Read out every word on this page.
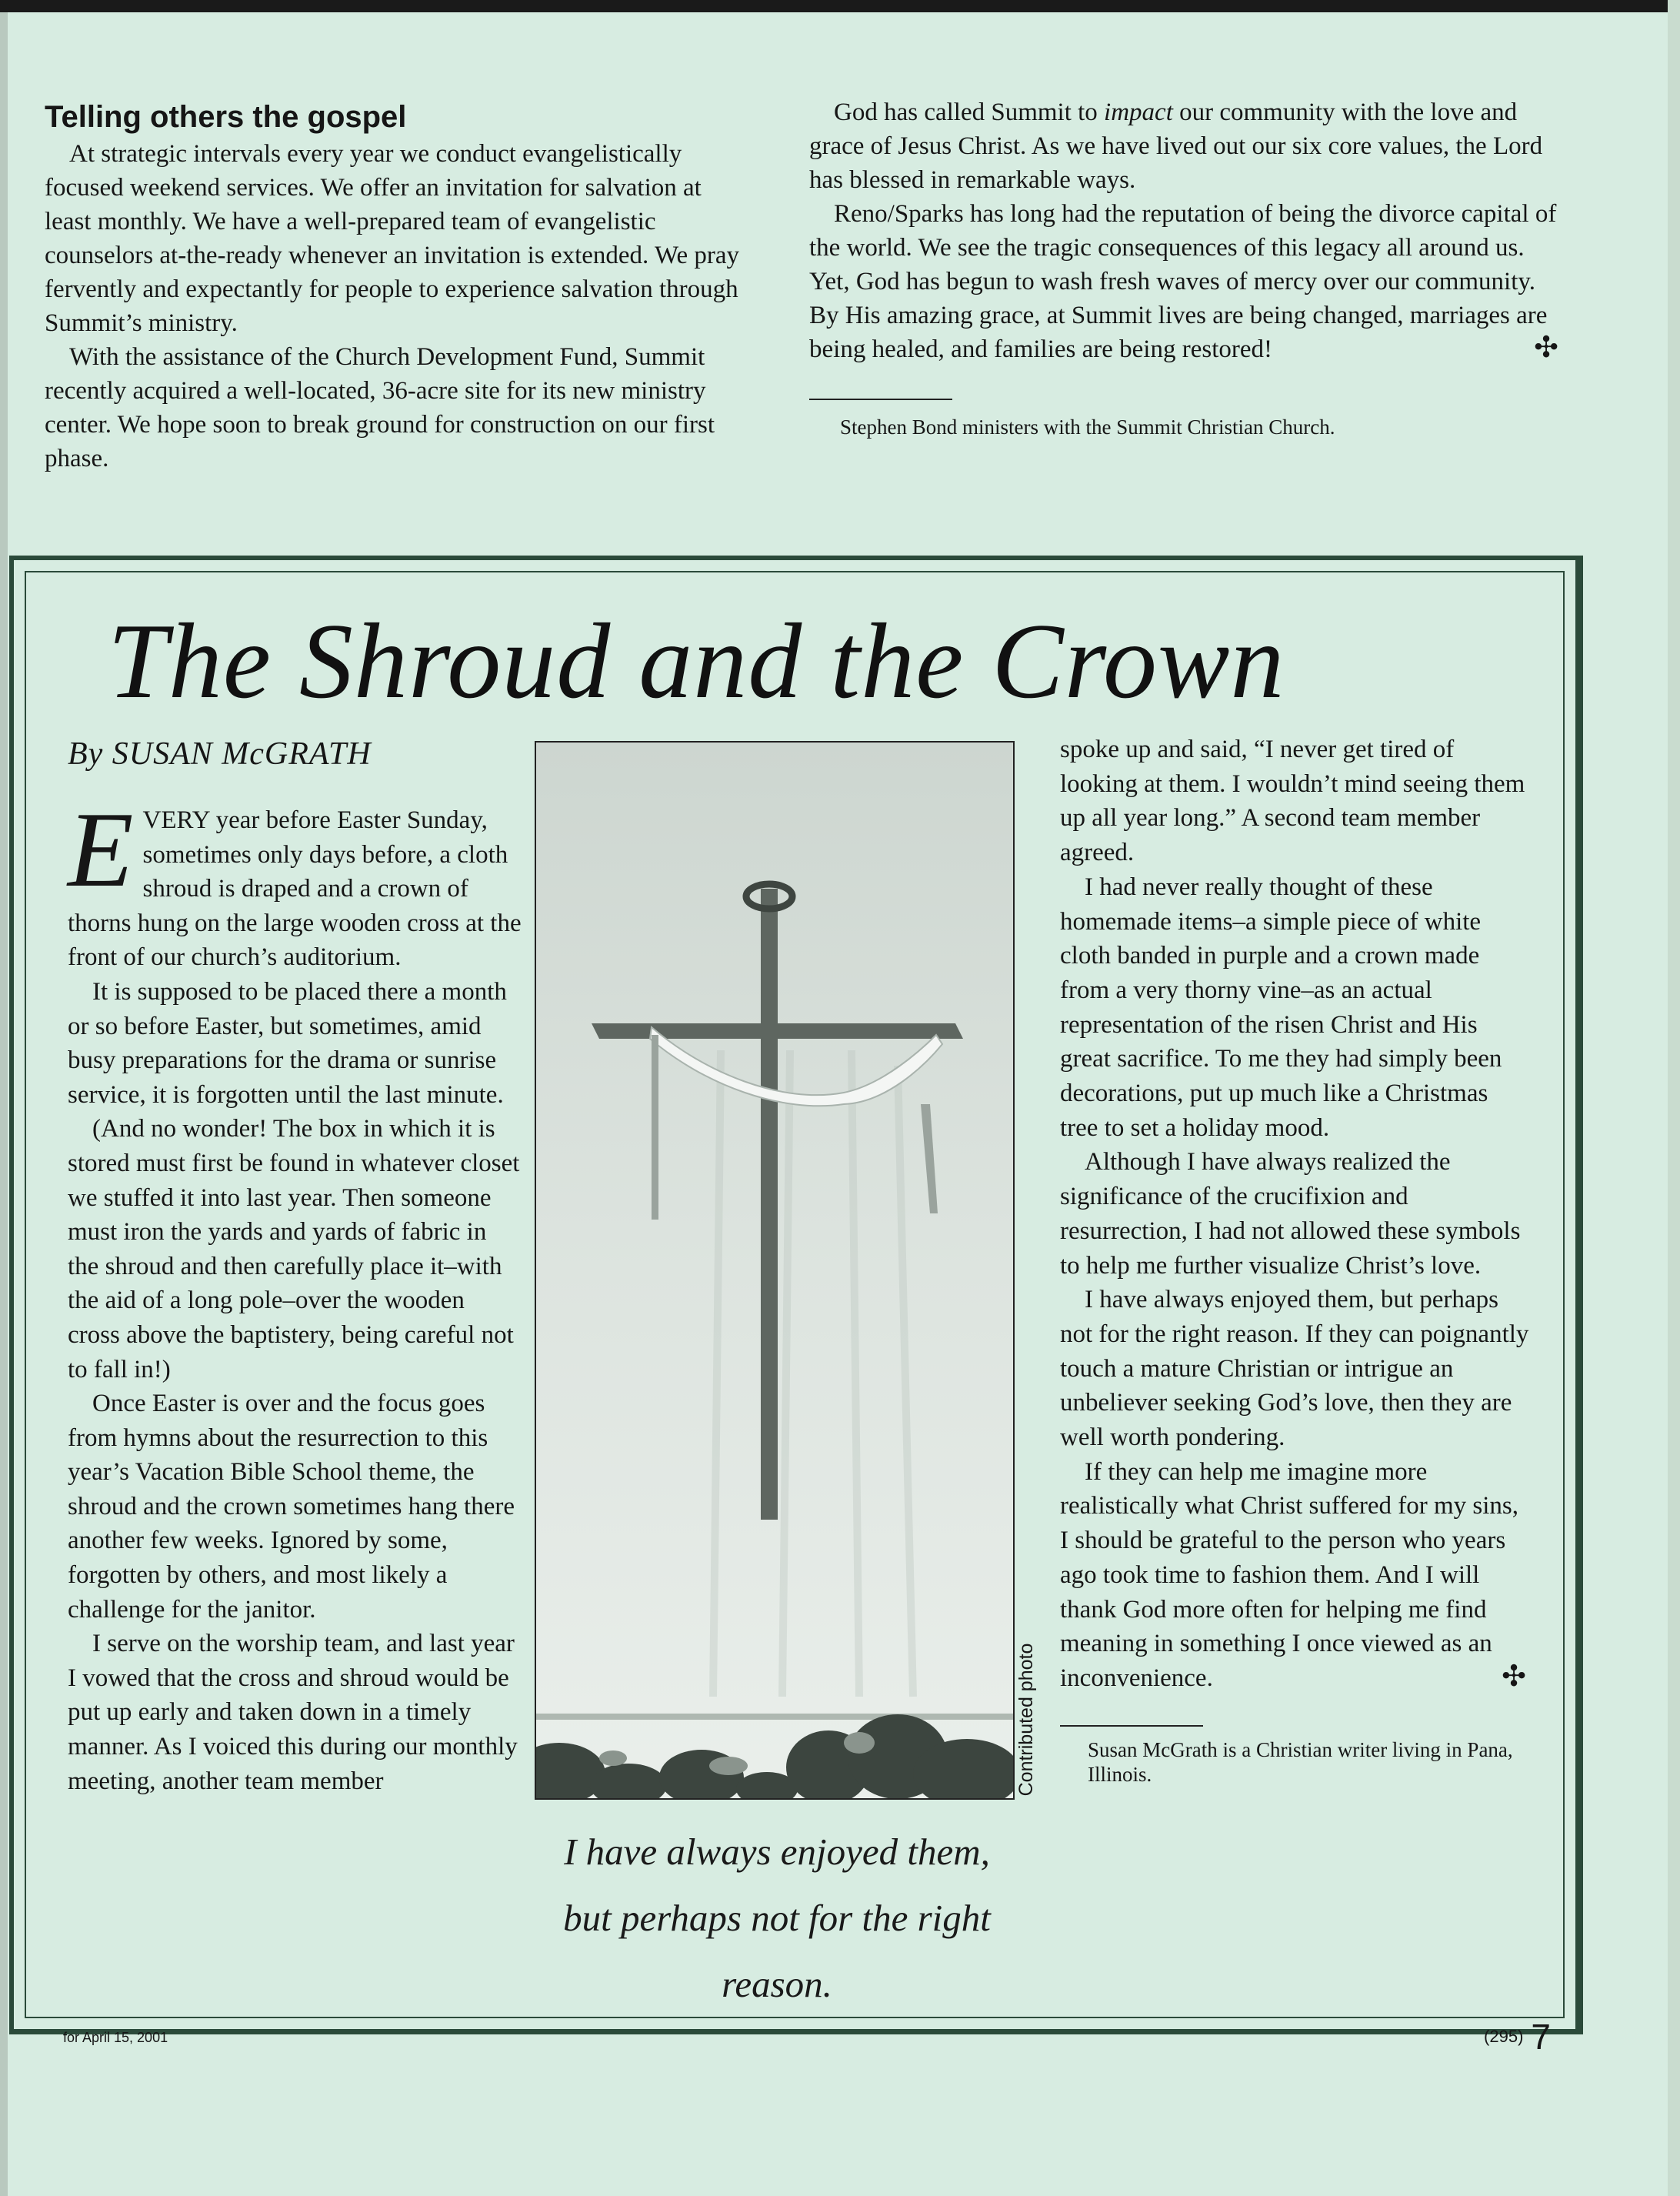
Telling others the gospel

At strategic intervals every year we conduct evangelistically focused weekend services. We offer an invitation for salvation at least monthly. We have a well-prepared team of evangelistic counselors at-the-ready whenever an invitation is extended. We pray fervently and expectantly for people to experience salvation through Summit’s ministry.

With the assistance of the Church Development Fund, Summit recently acquired a well-located, 36-acre site for its new ministry center. We hope soon to break ground for construction on our first phase.

God has called Summit to impact our community with the love and grace of Jesus Christ. As we have lived out our six core values, the Lord has blessed in remarkable ways.

Reno/Sparks has long had the reputation of being the divorce capital of the world. We see the tragic consequences of this legacy all around us. Yet, God has begun to wash fresh waves of mercy over our community. By His amazing grace, at Summit lives are being changed, marriages are being healed, and families are being restored!	✣

Stephen Bond ministers with the Summit Christian Church.
The Shroud and the Crown
By SUSAN McGRATH

EVERY year before Easter Sunday, sometimes only days before, a cloth shroud is draped and a crown of thorns hung on the large wooden cross at the front of our church’s auditorium.

It is supposed to be placed there a month or so before Easter, but sometimes, amid busy preparations for the drama or sunrise service, it is forgotten until the last minute.

(And no wonder! The box in which it is stored must first be found in whatever closet we stuffed it into last year. Then someone must iron the yards and yards of fabric in the shroud and then carefully place it–with the aid of a long pole–over the wooden cross above the baptistery, being careful not to fall in!)

Once Easter is over and the focus goes from hymns about the resurrection to this year’s Vacation Bible School theme, the shroud and the crown sometimes hang there another few weeks. Ignored by some, forgotten by others, and most likely a challenge for the janitor.

I serve on the worship team, and last year I vowed that the cross and shroud would be put up early and taken down in a timely manner. As I voiced this during our monthly meeting, another team member	Contributed photo
I have always enjoyed them, but perhaps not for the right reason.

spoke up and said, “I never get tired of looking at them. I wouldn’t mind seeing them up all year long.” A second team member agreed.

I had never really thought of these homemade items–a simple piece of white cloth banded in purple and a crown made from a very thorny vine–as an actual representation of the risen Christ and His great sacrifice. To me they had simply been decorations, put up much like a Christmas tree to set a holiday mood.

Although I have always realized the significance of the crucifixion and resurrection, I had not allowed these symbols to help me further visualize Christ’s love.

I have always enjoyed them, but perhaps not for the right reason. If they can poignantly touch a mature Christian or intrigue an unbeliever seeking God’s love, then they are well worth pondering.

If they can help me imagine more realistically what Christ suffered for my sins, I should be grateful to the person who years ago took time to fashion them. And I will thank God more often for helping me find meaning in something I once viewed as an inconvenience.	✣

Susan McGrath is a Christian writer living in Pana, Illinois.
for April 15, 2001	(295) 7
